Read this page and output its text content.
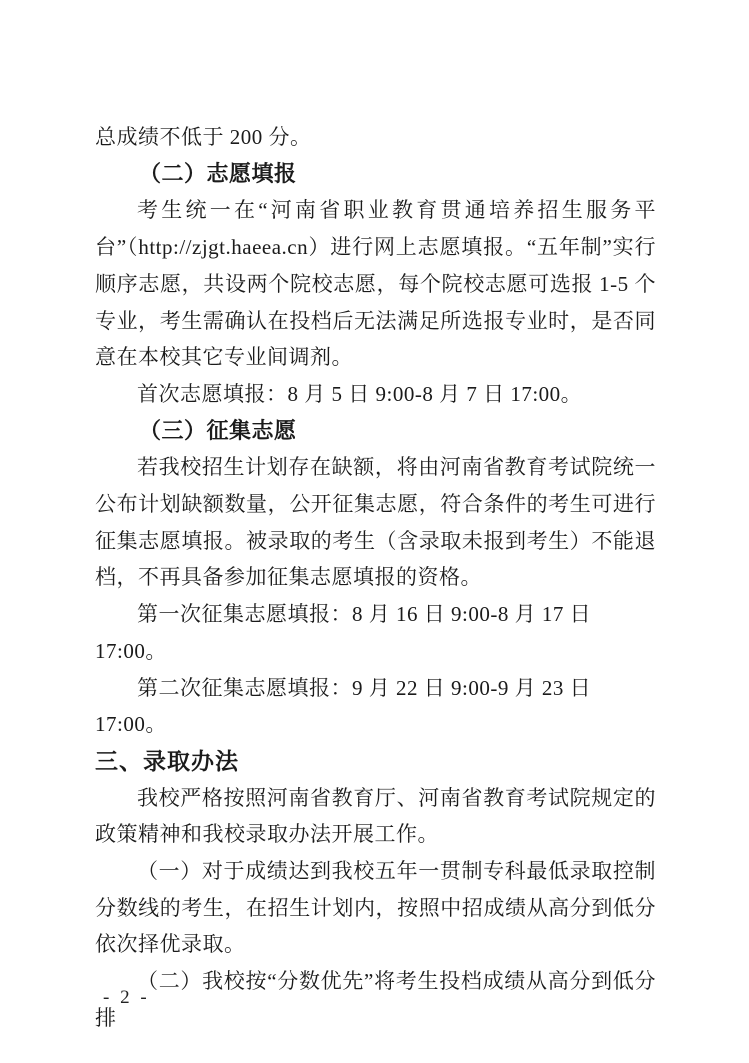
总成绩不低于 200 分。

（二）志愿填报

考生统一在“河南省职业教育贯通培养招生服务平台”（http://zjgt.haeea.cn）进行网上志愿填报。“五年制”实行顺序志愿，共设两个院校志愿，每个院校志愿可选报 1-5 个专业，考生需确认在投档后无法满足所选报专业时，是否同意在本校其它专业间调剂。

首次志愿填报：8 月 5 日 9:00-8 月 7 日 17:00。

（三）征集志愿

若我校招生计划存在缺额，将由河南省教育考试院统一公布计划缺额数量，公开征集志愿，符合条件的考生可进行征集志愿填报。被录取的考生（含录取未报到考生）不能退档，不再具备参加征集志愿填报的资格。

第一次征集志愿填报：8 月 16 日 9:00-8 月 17 日 17:00。

第二次征集志愿填报：9 月 22 日 9:00-9 月 23 日 17:00。

三、录取办法

我校严格按照河南省教育厅、河南省教育考试院规定的政策精神和我校录取办法开展工作。

（一）对于成绩达到我校五年一贯制专科最低录取控制分数线的考生，在招生计划内，按照中招成绩从高分到低分依次择优录取。

（二）我校按“分数优先”将考生投档成绩从高分到低分排

- 2 -
